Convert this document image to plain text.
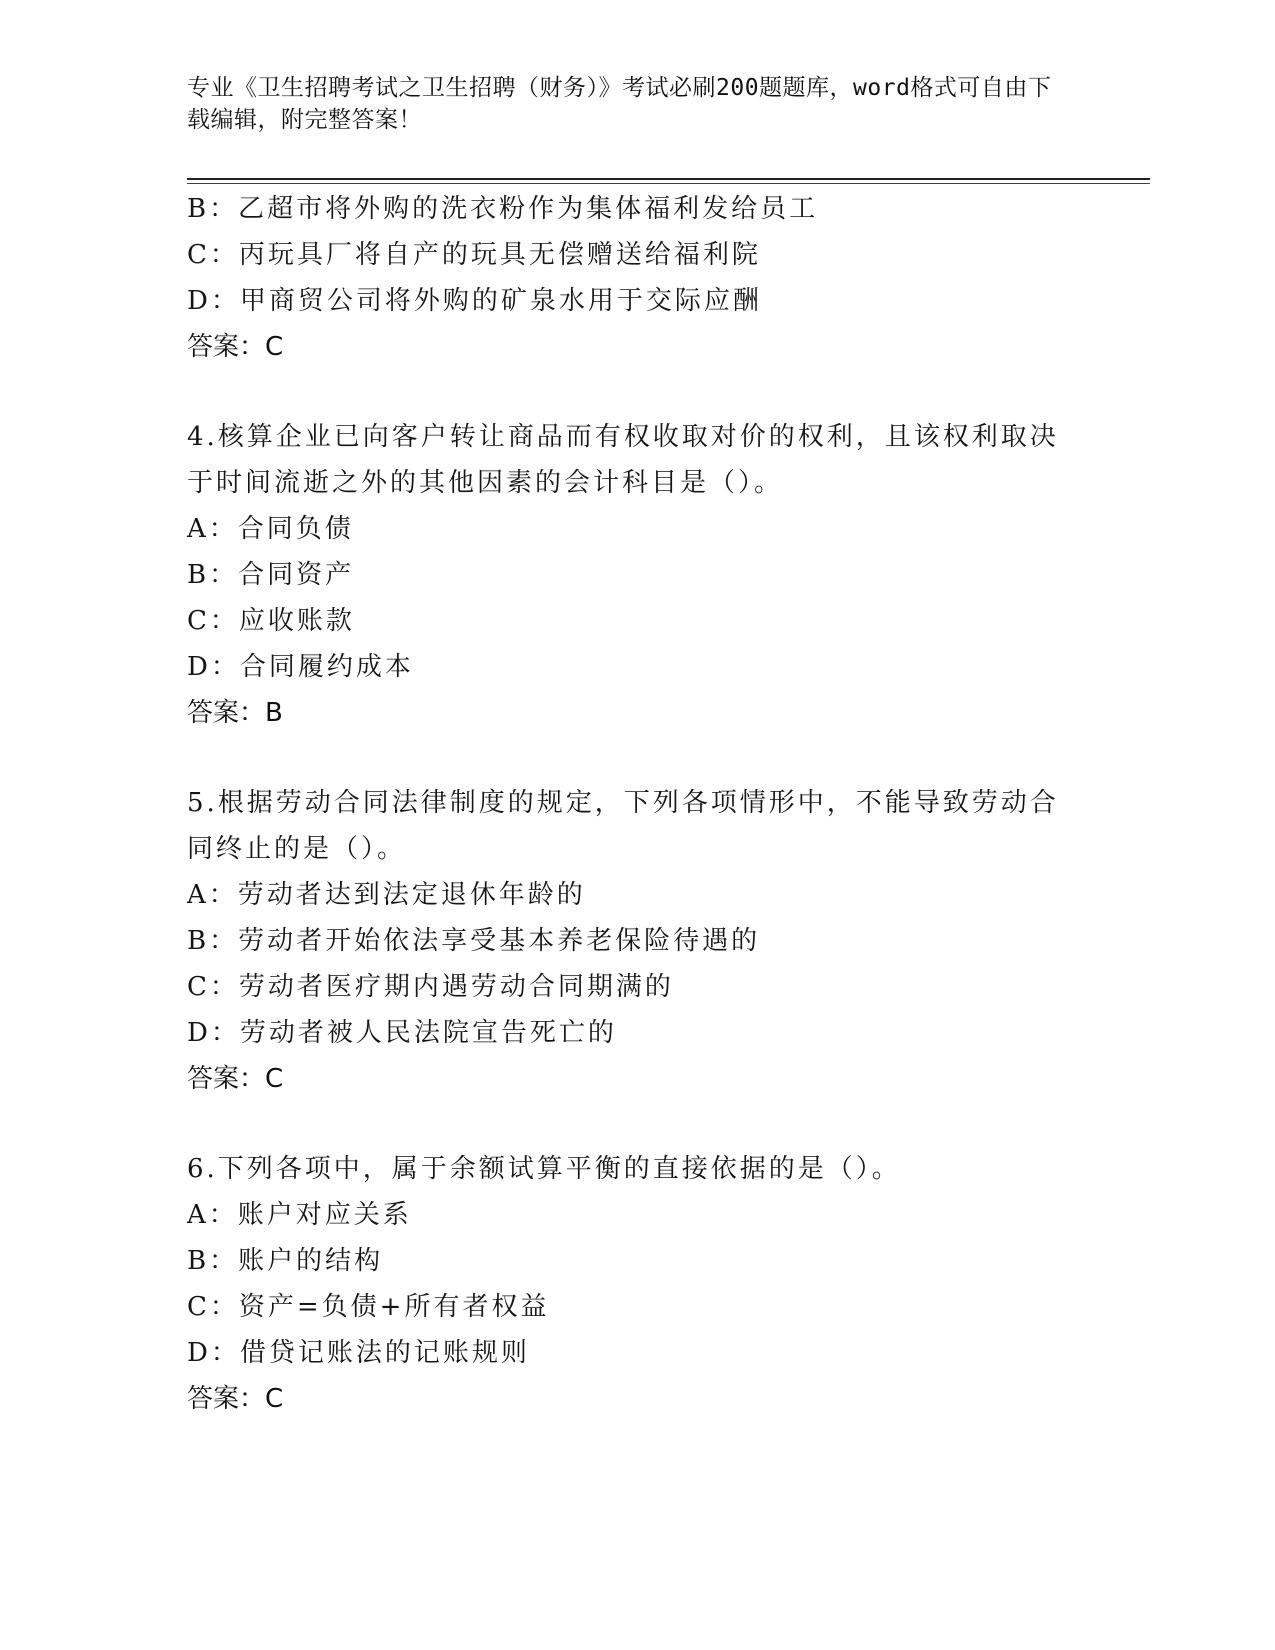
专业《卫生招聘考试之卫生招聘（财务）》考试必刷200题题库，word格式可自由下载编辑，附完整答案！
B：乙超市将外购的洗衣粉作为集体福利发给员工
C：丙玩具厂将自产的玩具无偿赠送给福利院
D：甲商贸公司将外购的矿泉水用于交际应酬
答案：C
4.核算企业已向客户转让商品而有权收取对价的权利，且该权利取决于时间流逝之外的其他因素的会计科目是（）。
A：合同负债
B：合同资产
C：应收账款
D：合同履约成本
答案：B
5.根据劳动合同法律制度的规定，下列各项情形中，不能导致劳动合同终止的是（）。
A：劳动者达到法定退休年龄的
B：劳动者开始依法享受基本养老保险待遇的
C：劳动者医疗期内遇劳动合同期满的
D：劳动者被人民法院宣告死亡的
答案：C
6.下列各项中，属于余额试算平衡的直接依据的是（）。
A：账户对应关系
B：账户的结构
C：资产=负债+所有者权益
D：借贷记账法的记账规则
答案：C
